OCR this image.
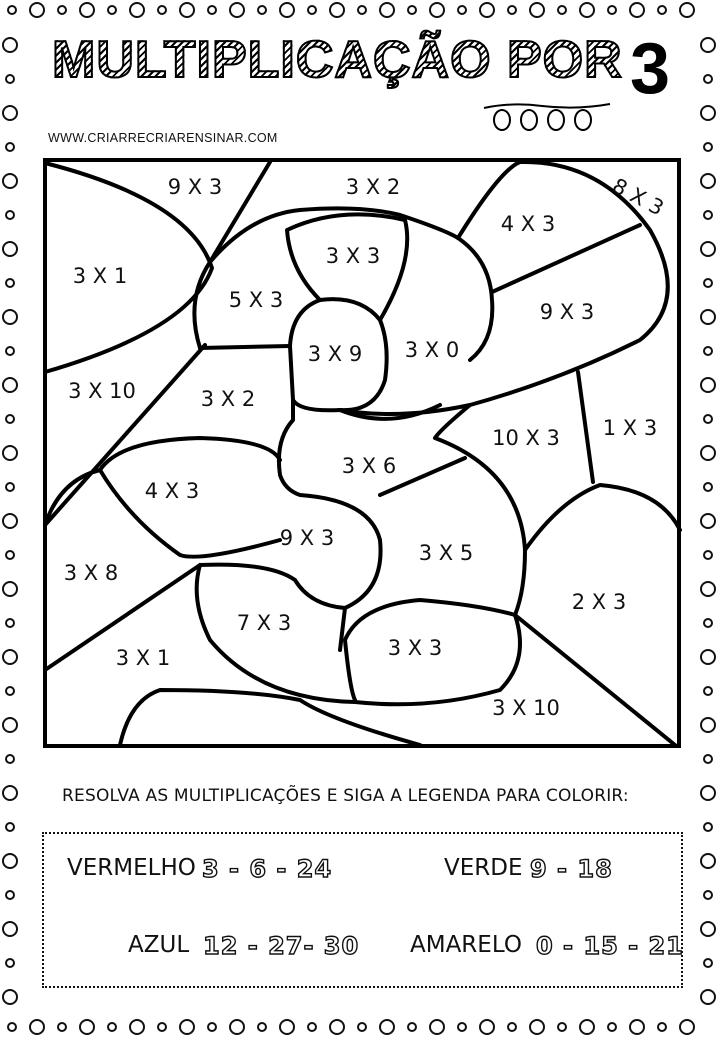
MULTIPLICAÇÃO POR 3
WWW.CRIARRECRIARENSINAR.COM
9 X 3	3 X 2	8 X 3
3 X 1
3 X 3
4 X 3
5 X 3	9 X 3
3 X 9 3 X 0
3 X 10	3 X 2
1 X 3
10 X 3
3 X 6
4 X 3
9 X 3
3 X 5
3 X 8
2 X 3
7 X 3
3 X 1	3 X 3
3 X 10
RESOLVA AS MULTIPLICAÇÕES E SIGA A LEGENDA PARA COLORIR:
VERMELHO 3 - 6 - 24	VERDE 9 - 18
AZUL 12 - 27- 30 AMARELO 0 - 15 - 21
